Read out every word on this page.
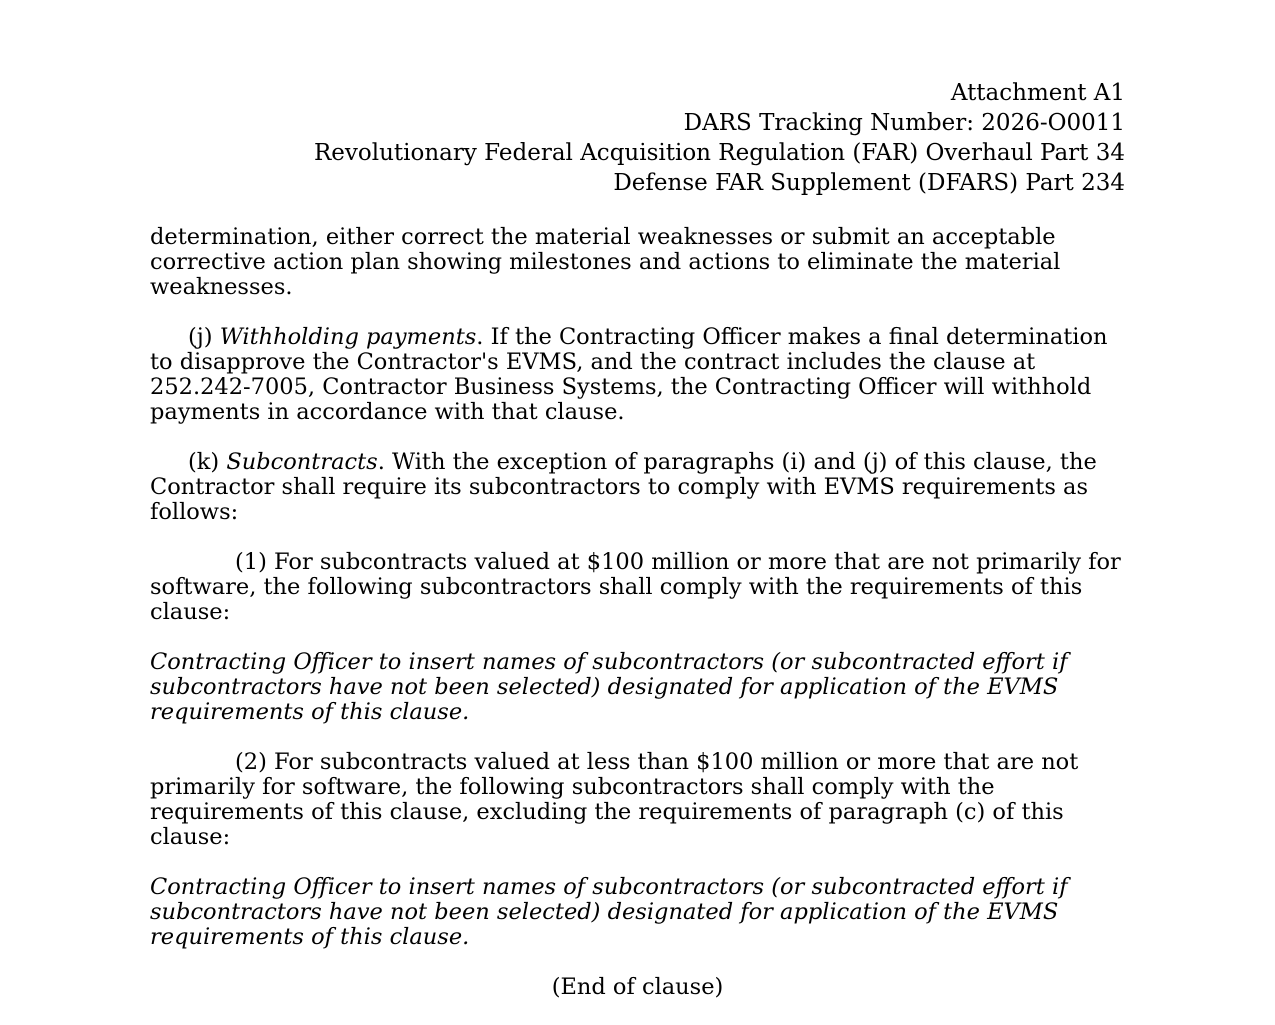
Attachment A1
DARS Tracking Number: 2026-O0011
Revolutionary Federal Acquisition Regulation (FAR) Overhaul Part 34
Defense FAR Supplement (DFARS) Part 234

determination, either correct the material weaknesses or submit an acceptable corrective action plan showing milestones and actions to eliminate the material weaknesses.

(j) Withholding payments. If the Contracting Officer makes a final determination to disapprove the Contractor's EVMS, and the contract includes the clause at 252.242-7005, Contractor Business Systems, the Contracting Officer will withhold payments in accordance with that clause.

(k) Subcontracts. With the exception of paragraphs (i) and (j) of this clause, the Contractor shall require its subcontractors to comply with EVMS requirements as follows:

(1) For subcontracts valued at $100 million or more that are not primarily for software, the following subcontractors shall comply with the requirements of this clause:

Contracting Officer to insert names of subcontractors (or subcontracted effort if subcontractors have not been selected) designated for application of the EVMS requirements of this clause.

(2) For subcontracts valued at less than $100 million or more that are not primarily for software, the following subcontractors shall comply with the requirements of this clause, excluding the requirements of paragraph (c) of this clause:

Contracting Officer to insert names of subcontractors (or subcontracted effort if subcontractors have not been selected) designated for application of the EVMS requirements of this clause.

(End of clause)
